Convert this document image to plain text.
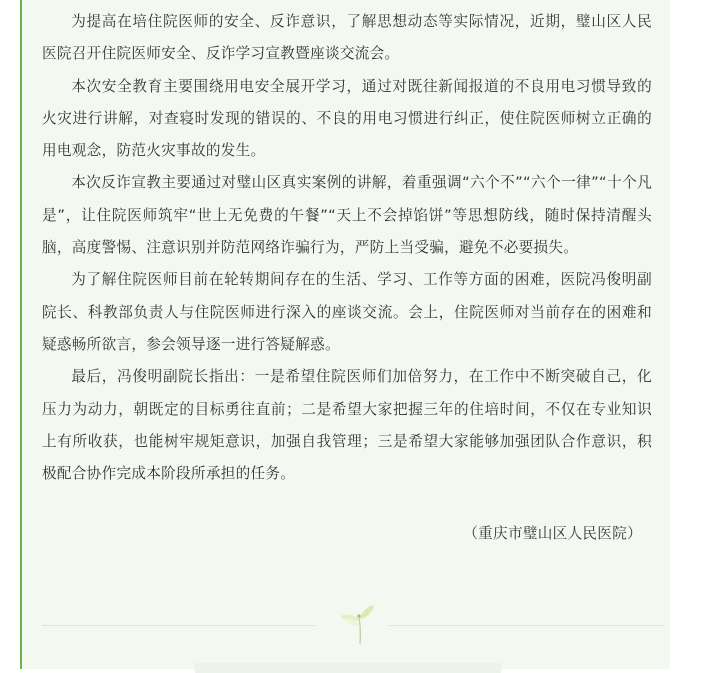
为提高在培住院医师的安全、反诈意识，了解思想动态等实际情况，近期，璧山区人民医院召开住院医师安全、反诈学习宣教暨座谈交流会。

本次安全教育主要围绕用电安全展开学习，通过对既往新闻报道的不良用电习惯导致的火灾进行讲解，对查寝时发现的错误的、不良的用电习惯进行纠正，使住院医师树立正确的用电观念，防范火灾事故的发生。

本次反诈宣教主要通过对璧山区真实案例的讲解，着重强调“六个不”“六个一律”“十个凡是”，让住院医师筑牢“世上无免费的午餐”“天上不会掉馅饼”等思想防线，随时保持清醒头脑，高度警惕、注意识别并防范网络诈骗行为，严防上当受骗，避免不必要损失。

为了解住院医师目前在轮转期间存在的生活、学习、工作等方面的困难，医院冯俊明副院长、科教部负责人与住院医师进行深入的座谈交流。会上，住院医师对当前存在的困难和疑惑畅所欲言，参会领导逐一进行答疑解惑。

最后，冯俊明副院长指出：一是希望住院医师们加倍努力，在工作中不断突破自己，化压力为动力，朝既定的目标勇往直前；二是希望大家把握三年的住培时间，不仅在专业知识上有所收获，也能树牢规矩意识，加强自我管理；三是希望大家能够加强团队合作意识，积极配合协作完成本阶段所承担的任务。

（重庆市璧山区人民医院）
